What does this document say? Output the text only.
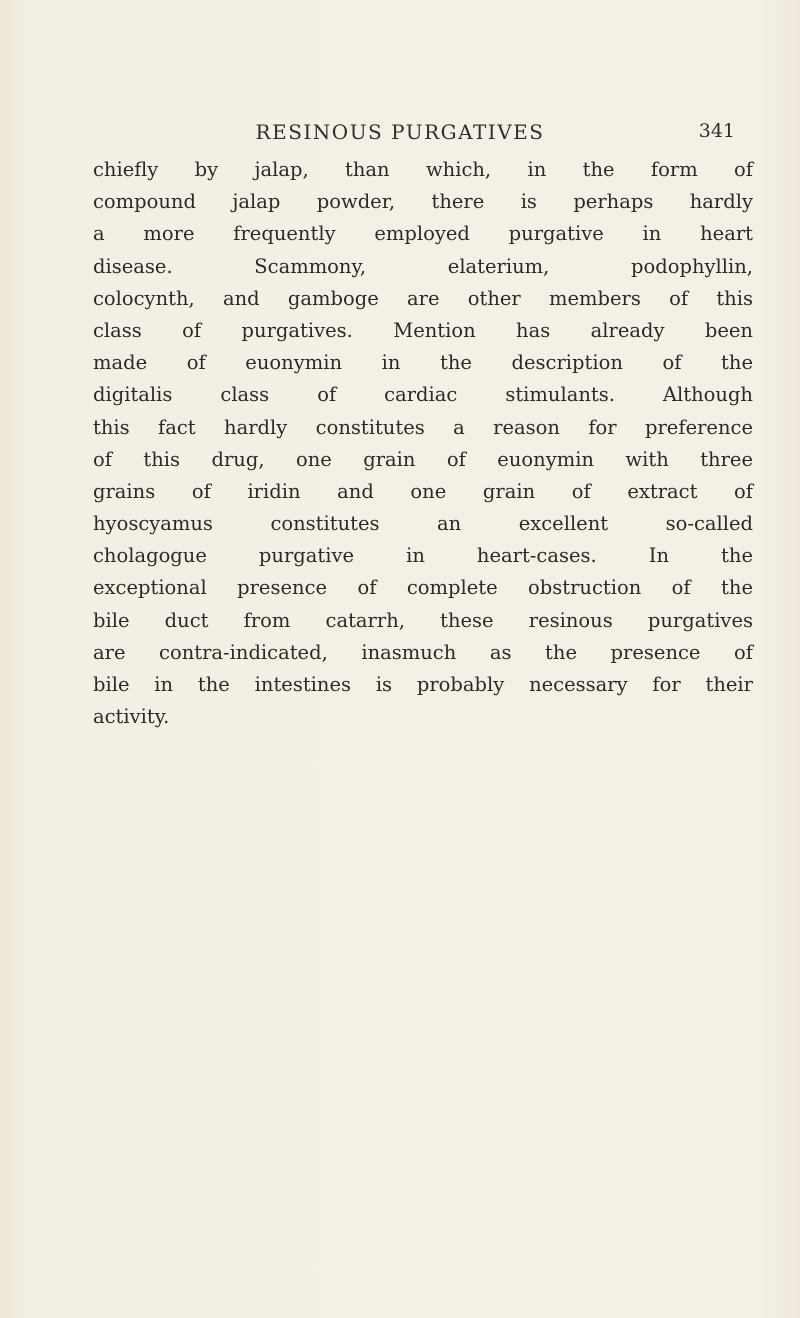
RESINOUS PURGATIVES	341
chiefly by jalap, than which, in the form of
compound jalap powder, there is perhaps hardly
a more frequently employed purgative in heart
disease. Scammony, elaterium, podophyllin,
colocynth, and gamboge are other members of this
class of purgatives. Mention has already been
made of euonymin in the description of the
digitalis class of cardiac stimulants. Although
this fact hardly constitutes a reason for preference
of this drug, one grain of euonymin with three
grains of iridin and one grain of extract of
hyoscyamus constitutes an excellent so-called
cholagogue purgative in heart-cases. In the
exceptional presence of complete obstruction of the
bile duct from catarrh, these resinous purgatives
are contra-indicated, inasmuch as the presence of
bile in the intestines is probably necessary for their
activity.
